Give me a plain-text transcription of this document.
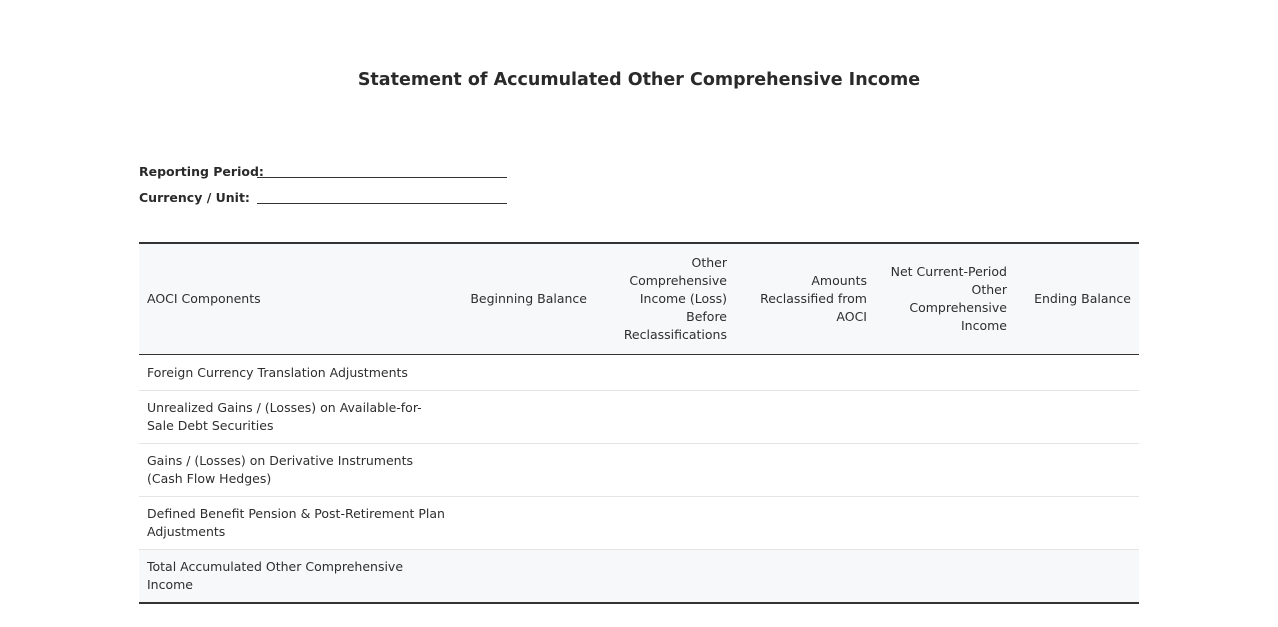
Statement of Accumulated Other Comprehensive Income
Reporting Period:
Currency / Unit:
AOCI Components	Beginning Balance	Other Comprehensive Income (Loss) Before Reclassifications	Amounts Reclassified from AOCI	Net Current-Period Other Comprehensive Income	Ending Balance
Foreign Currency Translation Adjustments					
Unrealized Gains / (Losses) on Available-for-Sale Debt Securities					
Gains / (Losses) on Derivative Instruments (Cash Flow Hedges)					
Defined Benefit Pension & Post-Retirement Plan Adjustments					
Total Accumulated Other Comprehensive Income					
